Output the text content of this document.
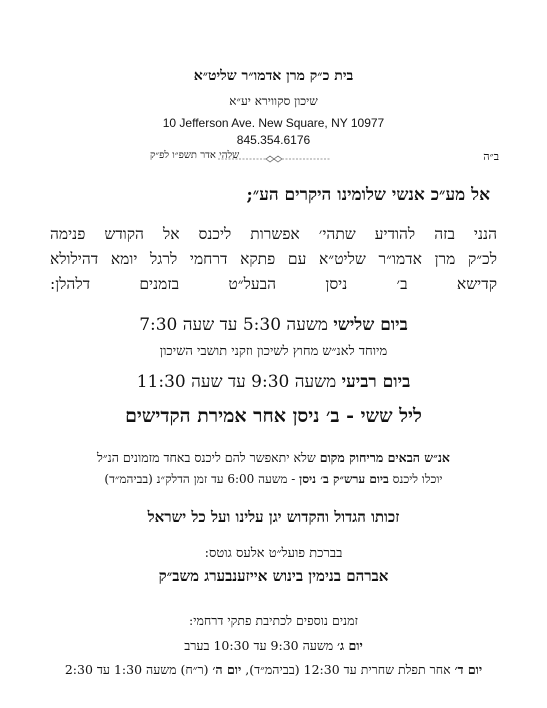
בית כ״ק מרן אדמו״ר שליט״א
שיכון סקווירא יע״א
10 Jefferson Ave. New Square, NY 10977
845.354.6176
ב״ה
שלהי אדר תשפ״ו לפ״ק
אל מע״כ אנשי שלומינו היקרים הע״;
הנני בזה להודיע שתהי׳ אפשרות ליכנס אל הקודש פנימה
לכ״ק מרן אדמו״ר שליט״א עם פתקא דרחמי לרגל יומא דהילולא
קדישא ב׳ ניסן הבעל״ט בזמנים דלהלן:
ביום שלישי משעה 5:30 עד שעה 7:30
מיוחד לאנ״ש מחוץ לשיכון וזקני תושבי השיכון
ביום רביעי משעה 9:30 עד שעה 11:30
ליל ששי - ב׳ ניסן אחר אמירת הקדישים
אנ״ש הבאים מריחוק מקום שלא יתאפשר להם ליכנס באחד מזמונים הנ״ל
יוכלו ליכנס ביום ערש״ק ב׳ ניסן - משעה 6:00 עד זמן הדלק״נ (בביהמ״ד)
זכותו הגדול והקדוש יגן עלינו ועל כל ישראל
בברכת פועל״ט אלעס גוטס:
אברהם בנימין בינוש אייזענבערג משב״ק
זמנים נוספים לכתיבת פתקי דרחמי:
יום ג׳ משעה 9:30 עד 10:30 בערב
יום ד׳ אחר תפלת שחרית עד 12:30 (בביהמ״ד), יום ה׳ (ר״ח) משעה 1:30 עד 2:30
